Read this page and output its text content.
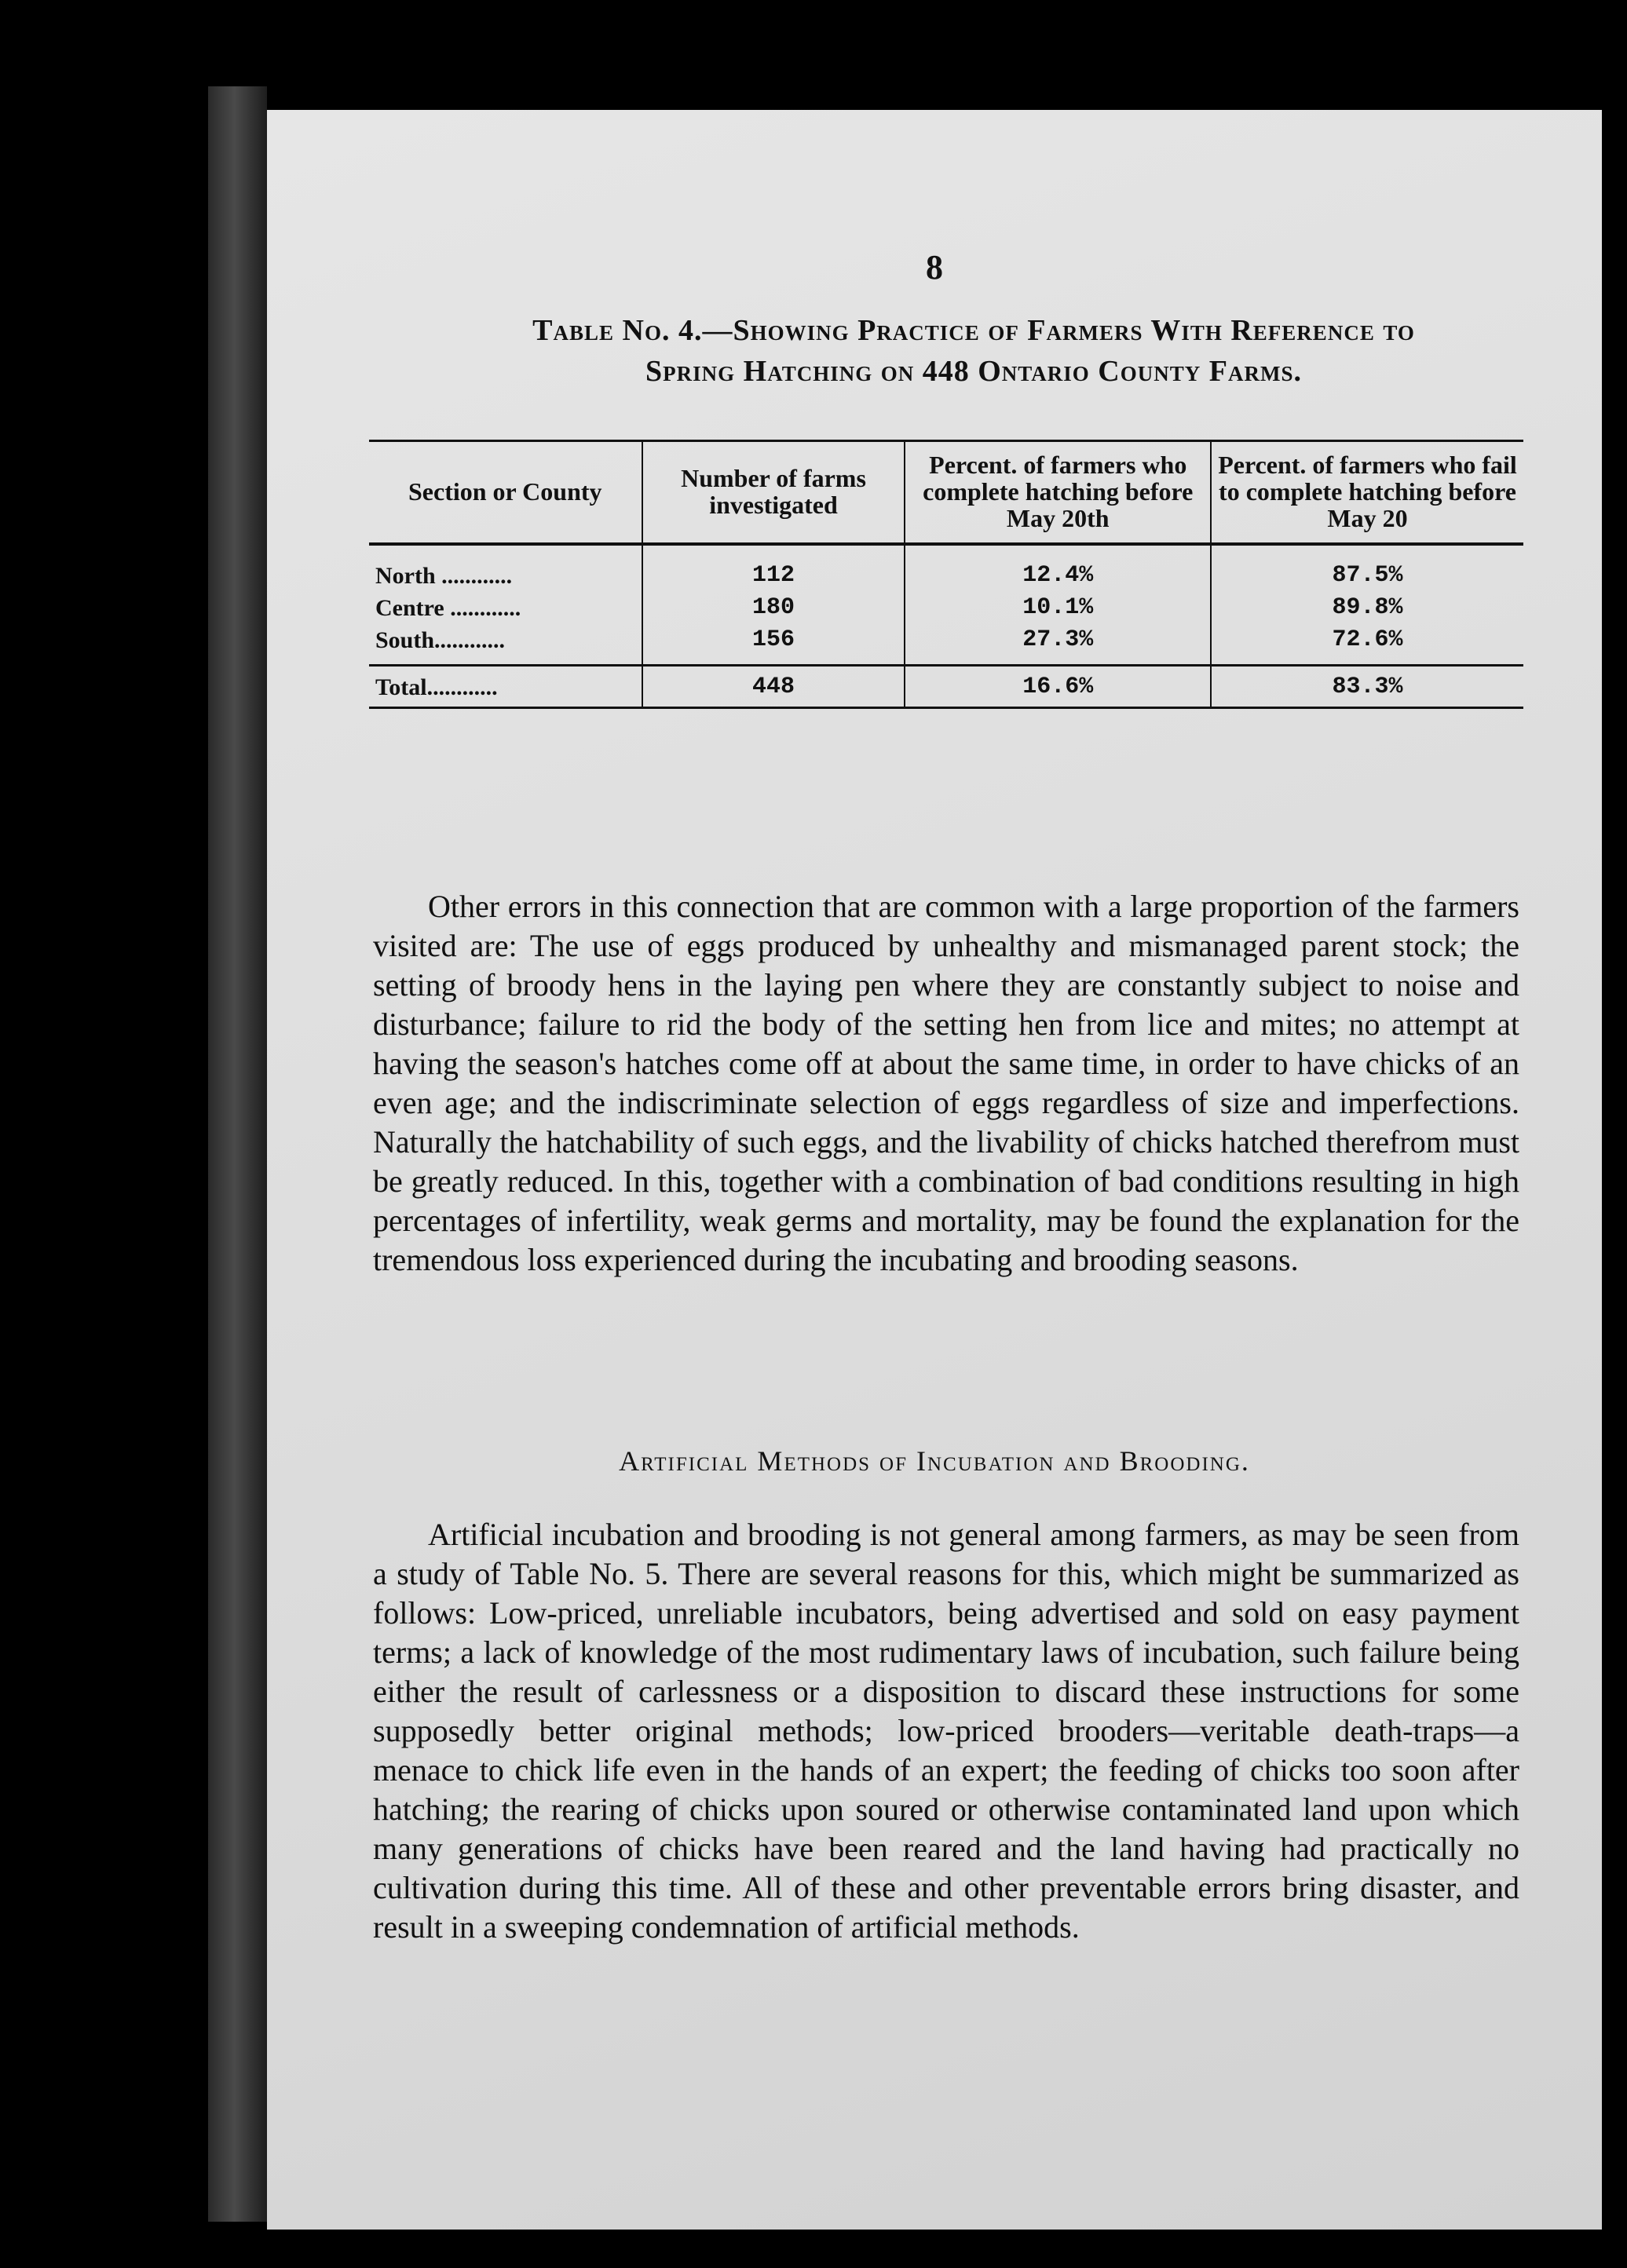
8
Table No. 4.—Showing Practice of Farmers With Reference to
Spring Hatching on 448 Ontario County Farms.
Section or County	Number of farms investigated	Percent. of farmers who complete hatching before May 20th	Percent. of farmers who fail to complete hatching before May 20
North ............	112	12.4%	87.5%
Centre ............	180	10.1%	89.8%
South............	156	27.3%	72.6%
Total............	448	16.6%	83.3%

Other errors in this connection that are common with a large proportion of the farmers visited are: The use of eggs produced by unhealthy and mismanaged parent stock; the setting of broody hens in the laying pen where they are constantly subject to noise and disturbance; failure to rid the body of the setting hen from lice and mites; no attempt at having the season's hatches come off at about the same time, in order to have chicks of an even age; and the indiscriminate selection of eggs regardless of size and imperfections. Naturally the hatchability of such eggs, and the livability of chicks hatched therefrom must be greatly reduced. In this, together with a combination of bad conditions resulting in high percentages of infertility, weak germs and mortality, may be found the explanation for the tremendous loss experienced during the incubating and brooding seasons.

Artificial Methods of Incubation and Brooding.

Artificial incubation and brooding is not general among farmers, as may be seen from a study of Table No. 5. There are several reasons for this, which might be summarized as follows: Low-priced, unreliable incubators, being advertised and sold on easy payment terms; a lack of knowledge of the most rudimentary laws of incubation, such failure being either the result of carlessness or a disposition to discard these instructions for some supposedly better original methods; low-priced brooders—veritable death-traps—a menace to chick life even in the hands of an expert; the feeding of chicks too soon after hatching; the rearing of chicks upon soured or otherwise contaminated land upon which many generations of chicks have been reared and the land having had practically no cultivation during this time. All of these and other preventable errors bring disaster, and result in a sweeping condemnation of artificial methods.
